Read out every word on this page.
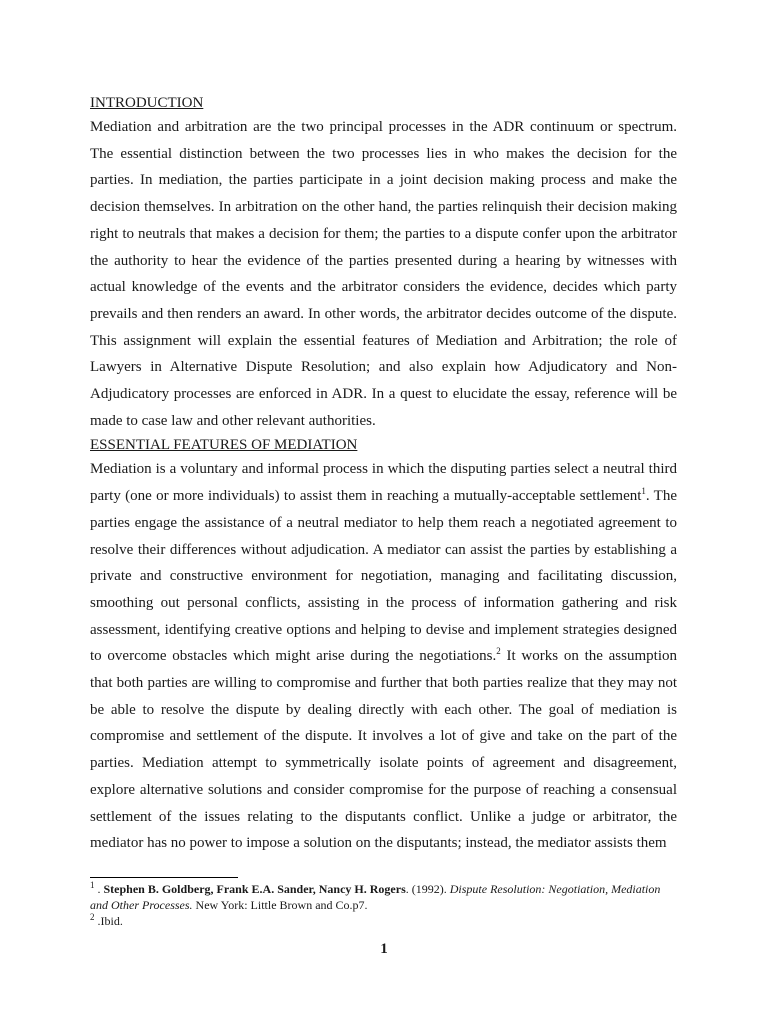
INTRODUCTION

Mediation and arbitration are the two principal processes in the ADR continuum or spectrum. The essential distinction between the two processes lies in who makes the decision for the parties. In mediation, the parties participate in a joint decision making process and make the decision themselves. In arbitration on the other hand, the parties relinquish their decision making right to neutrals that makes a decision for them; the parties to a dispute confer upon the arbitrator the authority to hear the evidence of the parties presented during a hearing by witnesses with actual knowledge of the events and the arbitrator considers the evidence, decides which party prevails and then renders an award. In other words, the arbitrator decides outcome of the dispute. This assignment will explain the essential features of Mediation and Arbitration; the role of Lawyers in Alternative Dispute Resolution; and also explain how Adjudicatory and Non-Adjudicatory processes are enforced in ADR. In a quest to elucidate the essay, reference will be made to case law and other relevant authorities.

ESSENTIAL FEATURES OF MEDIATION

Mediation is a voluntary and informal process in which the disputing parties select a neutral third party (one or more individuals) to assist them in reaching a mutually-acceptable settlement$^1$. The parties engage the assistance of a neutral mediator to help them reach a negotiated agreement to resolve their differences without adjudication. A mediator can assist the parties by establishing a private and constructive environment for negotiation, managing and facilitating discussion, smoothing out personal conflicts, assisting in the process of information gathering and risk assessment, identifying creative options and helping to devise and implement strategies designed to overcome obstacles which might arise during the negotiations.$^2$ It works on the assumption that both parties are willing to compromise and further that both parties realize that they may not be able to resolve the dispute by dealing directly with each other. The goal of mediation is compromise and settlement of the dispute. It involves a lot of give and take on the part of the parties. Mediation attempt to symmetrically isolate points of agreement and disagreement, explore alternative solutions and consider compromise for the purpose of reaching a consensual settlement of the issues relating to the disputants conflict. Unlike a judge or arbitrator, the mediator has no power to impose a solution on the disputants; instead, the mediator assists them

$^1$ . Stephen B. Goldberg, Frank E.A. Sander, Nancy H. Rogers. (1992). Dispute Resolution: Negotiation, Mediation and Other Processes. New York: Little Brown and Co.p7.

$^2$ .Ibid.

1
